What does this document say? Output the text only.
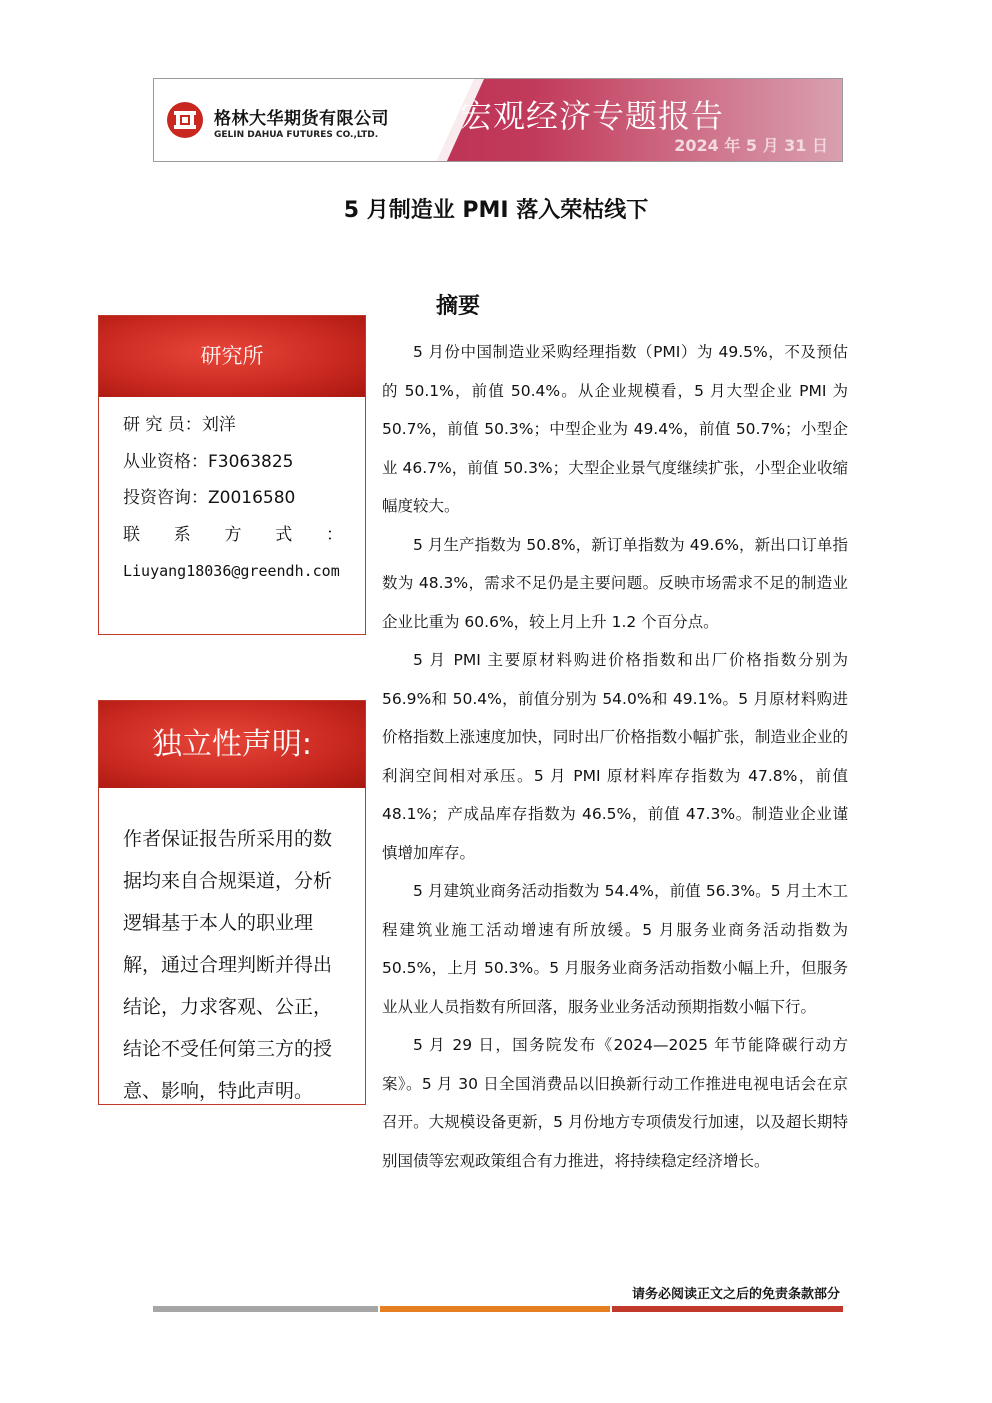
格林大华期货有限公司
GELIN DAHUA FUTURES CO.,LTD.	宏观经济专题报告
2024 年 5 月 31 日
5 月制造业 PMI 落入荣枯线下
摘要
研究所
研 究 员：刘洋
从业资格：F3063825
投资咨询：Z0016580
联 系 方 式 ：
Liuyang18036@greendh.com
独立性声明:
作者保证报告所采用的数据均来自合规渠道，分析逻辑基于本人的职业理解，通过合理判断并得出结论，力求客观、公正，结论不受任何第三方的授意、影响，特此声明。

5 月份中国制造业采购经理指数（PMI）为 49.5%，不及预估的 50.1%，前值 50.4%。从企业规模看，5 月大型企业 PMI 为 50.7%，前值 50.3%；中型企业为 49.4%，前值 50.7%；小型企业 46.7%，前值 50.3%；大型企业景气度继续扩张，小型企业收缩幅度较大。

5 月生产指数为 50.8%，新订单指数为 49.6%，新出口订单指数为 48.3%，需求不足仍是主要问题。反映市场需求不足的制造业企业比重为 60.6%，较上月上升 1.2 个百分点。

5 月 PMI 主要原材料购进价格指数和出厂价格指数分别为 56.9%和 50.4%，前值分别为 54.0%和 49.1%。5 月原材料购进价格指数上涨速度加快，同时出厂价格指数小幅扩张，制造业企业的利润空间相对承压。5 月 PMI 原材料库存指数为 47.8%，前值 48.1%；产成品库存指数为 46.5%，前值 47.3%。制造业企业谨慎增加库存。

5 月建筑业商务活动指数为 54.4%，前值 56.3%。5 月土木工程建筑业施工活动增速有所放缓。5 月服务业商务活动指数为 50.5%，上月 50.3%。5 月服务业商务活动指数小幅上升，但服务业从业人员指数有所回落，服务业业务活动预期指数小幅下行。

5 月 29 日，国务院发布《2024—2025 年节能降碳行动方案》。5 月 30 日全国消费品以旧换新行动工作推进电视电话会在京召开。大规模设备更新，5 月份地方专项债发行加速，以及超长期特别国债等宏观政策组合有力推进，将持续稳定经济增长。

请务必阅读正文之后的免责条款部分
